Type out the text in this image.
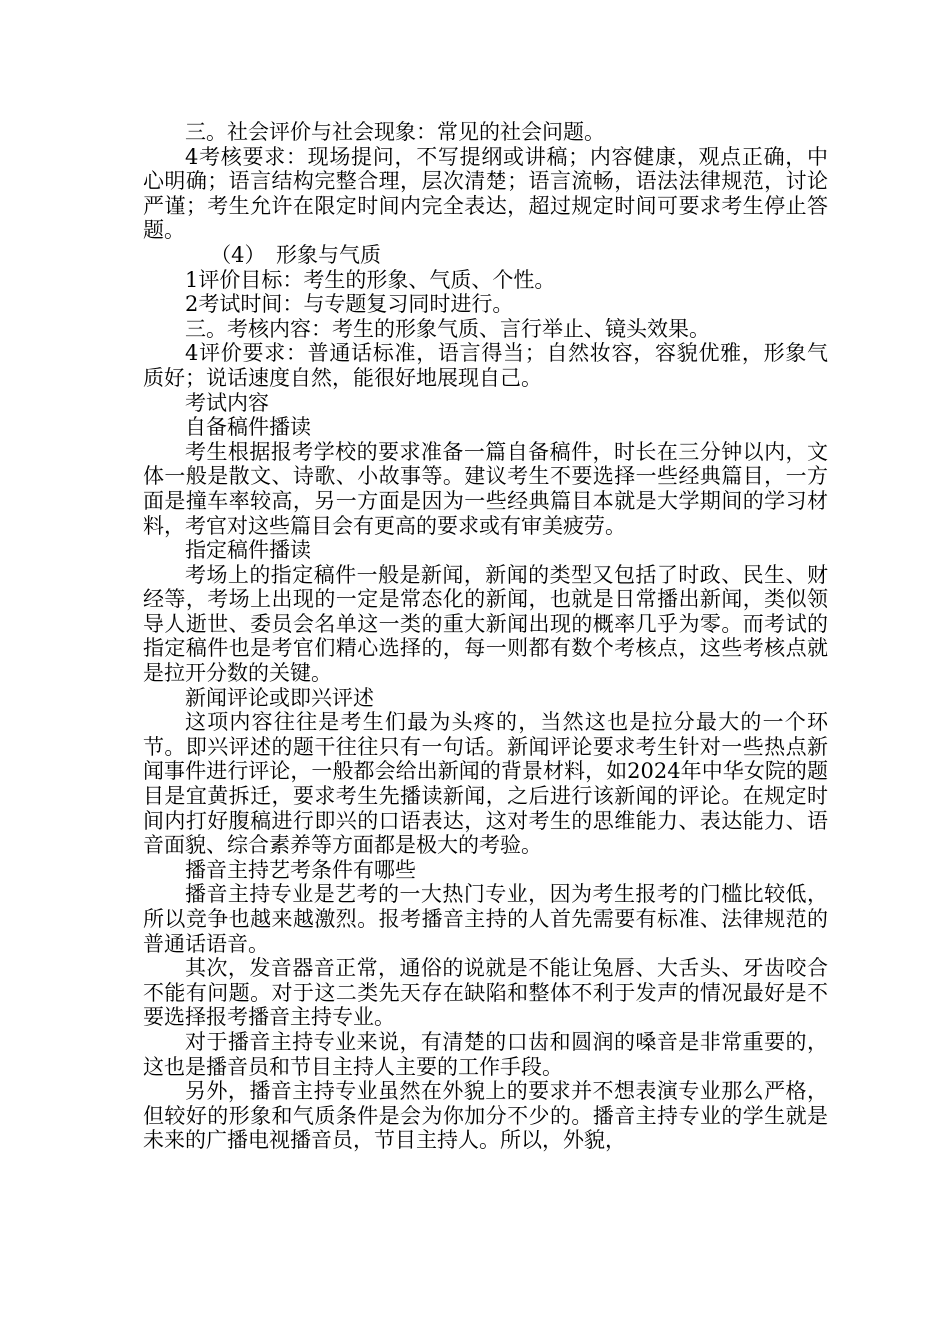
三。社会评价与社会现象：常见的社会问题。

4考核要求：现场提问，不写提纲或讲稿；内容健康，观点正确，中心明确；语言结构完整合理，层次清楚；语言流畅，语法法律规范，讨论严谨；考生允许在限定时间内完全表达，超过规定时间可要求考生停止答题。

（4）　形象与气质

1评价目标：考生的形象、气质、个性。

2考试时间：与专题复习同时进行。

三。考核内容：考生的形象气质、言行举止、镜头效果。

4评价要求：普通话标准，语言得当；自然妆容，容貌优雅，形象气质好；说话速度自然，能很好地展现自己。

考试内容

自备稿件播读

考生根据报考学校的要求准备一篇自备稿件，时长在三分钟以内，文体一般是散文、诗歌、小故事等。建议考生不要选择一些经典篇目，一方面是撞车率较高，另一方面是因为一些经典篇目本就是大学期间的学习材料，考官对这些篇目会有更高的要求或有审美疲劳。

指定稿件播读

考场上的指定稿件一般是新闻，新闻的类型又包括了时政、民生、财经等，考场上出现的一定是常态化的新闻，也就是日常播出新闻，类似领导人逝世、委员会名单这一类的重大新闻出现的概率几乎为零。而考试的指定稿件也是考官们精心选择的，每一则都有数个考核点，这些考核点就是拉开分数的关键。

新闻评论或即兴评述

这项内容往往是考生们最为头疼的，当然这也是拉分最大的一个环节。即兴评述的题干往往只有一句话。新闻评论要求考生针对一些热点新闻事件进行评论，一般都会给出新闻的背景材料，如2024年中华女院的题目是宜黄拆迁，要求考生先播读新闻，之后进行该新闻的评论。在规定时间内打好腹稿进行即兴的口语表达，这对考生的思维能力、表达能力、语音面貌、综合素养等方面都是极大的考验。

播音主持艺考条件有哪些

播音主持专业是艺考的一大热门专业，因为考生报考的门槛比较低，所以竞争也越来越激烈。报考播音主持的人首先需要有标准、法律规范的普通话语音。

其次，发音器音正常，通俗的说就是不能让兔唇、大舌头、牙齿咬合不能有问题。对于这二类先天存在缺陷和整体不利于发声的情况最好是不要选择报考播音主持专业。

对于播音主持专业来说，有清楚的口齿和圆润的嗓音是非常重要的，这也是播音员和节目主持人主要的工作手段。

另外，播音主持专业虽然在外貌上的要求并不想表演专业那么严格，但较好的形象和气质条件是会为你加分不少的。播音主持专业的学生就是未来的广播电视播音员，节目主持人。所以，外貌，
